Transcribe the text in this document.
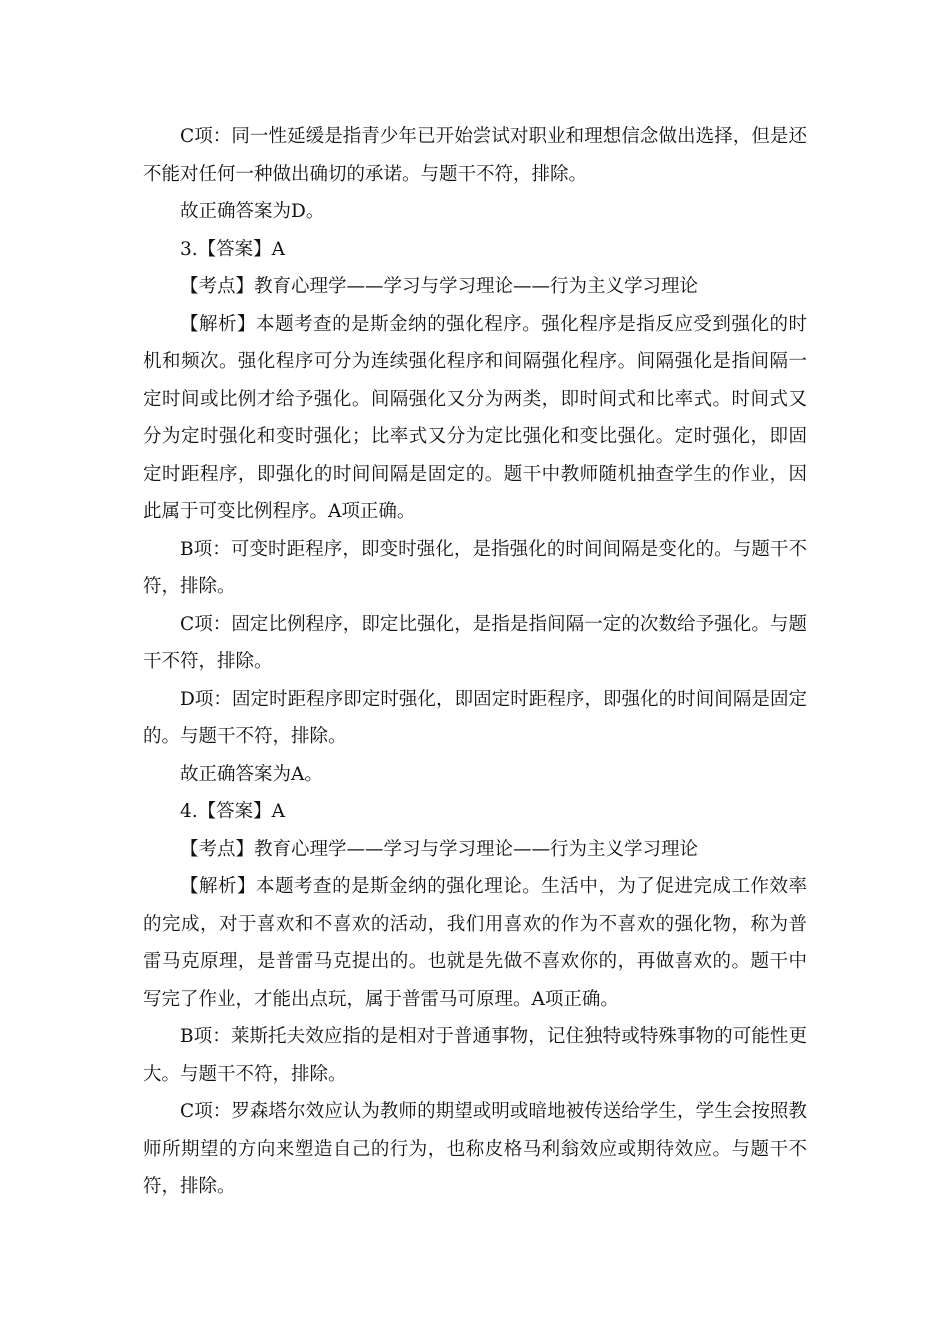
C项：同一性延缓是指青少年已开始尝试对职业和理想信念做出选择，但是还不能对任何一种做出确切的承诺。与题干不符，排除。

故正确答案为D。

3.【答案】A

【考点】教育心理学——学习与学习理论——行为主义学习理论

【解析】本题考查的是斯金纳的强化程序。强化程序是指反应受到强化的时机和频次。强化程序可分为连续强化程序和间隔强化程序。间隔强化是指间隔一定时间或比例才给予强化。间隔强化又分为两类，即时间式和比率式。时间式又分为定时强化和变时强化；比率式又分为定比强化和变比强化。定时强化，即固定时距程序，即强化的时间间隔是固定的。题干中教师随机抽查学生的作业，因此属于可变比例程序。A项正确。

B项：可变时距程序，即变时强化，是指强化的时间间隔是变化的。与题干不符，排除。

C项：固定比例程序，即定比强化，是指是指间隔一定的次数给予强化。与题干不符，排除。

D项：固定时距程序即定时强化，即固定时距程序，即强化的时间间隔是固定的。与题干不符，排除。

故正确答案为A。

4.【答案】A

【考点】教育心理学——学习与学习理论——行为主义学习理论

【解析】本题考查的是斯金纳的强化理论。生活中，为了促进完成工作效率的完成，对于喜欢和不喜欢的活动，我们用喜欢的作为不喜欢的强化物，称为普雷马克原理，是普雷马克提出的。也就是先做不喜欢你的，再做喜欢的。题干中写完了作业，才能出点玩，属于普雷马可原理。A项正确。

B项：莱斯托夫效应指的是相对于普通事物，记住独特或特殊事物的可能性更大。与题干不符，排除。

C项：罗森塔尔效应认为教师的期望或明或暗地被传送给学生，学生会按照教师所期望的方向来塑造自己的行为，也称皮格马利翁效应或期待效应。与题干不符，排除。
